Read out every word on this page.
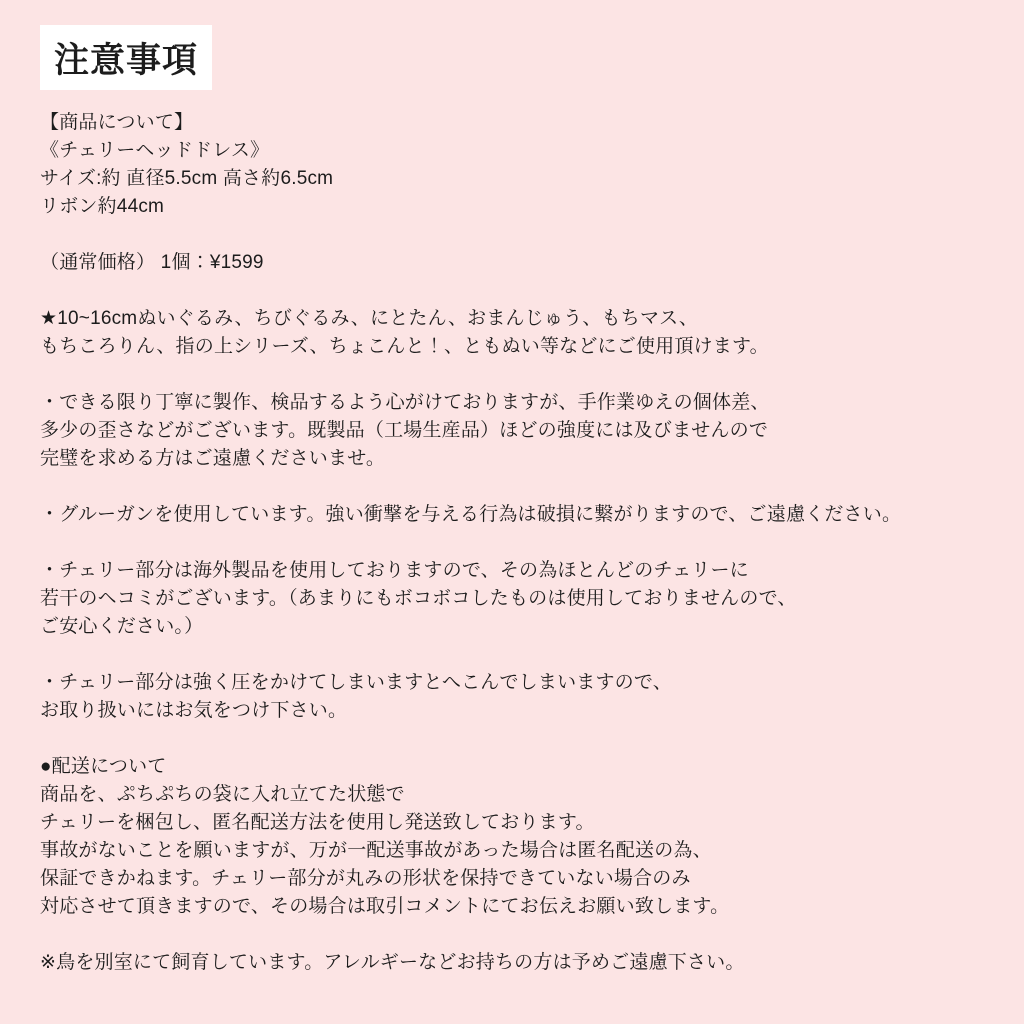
注意事項
【商品について】
《チェリーヘッドドレス》
サイズ:約 直径5.5cm 高さ約6.5cm
リボン約44cm
（通常価格） 1個：¥1599
★10~16cmぬいぐるみ、ちびぐるみ、にとたん、おまんじゅう、もちマス、
もちころりん、指の上シリーズ、ちょこんと！、ともぬい等などにご使用頂けます。
・できる限り丁寧に製作、検品するよう心がけておりますが、手作業ゆえの個体差、
多少の歪さなどがございます。既製品（工場生産品）ほどの強度には及びませんので
完璧を求める方はご遠慮くださいませ。
・グルーガンを使用しています。強い衝撃を与える行為は破損に繋がりますので、ご遠慮ください。
・チェリー部分は海外製品を使用しておりますので、その為ほとんどのチェリーに
若干のヘコミがございます。（あまりにもボコボコしたものは使用しておりませんので、
ご安心ください。）
・チェリー部分は強く圧をかけてしまいますとへこんでしまいますので、
お取り扱いにはお気をつけ下さい。
●配送について
商品を、ぷちぷちの袋に入れ立てた状態で
チェリーを梱包し、匿名配送方法を使用し発送致しております。
事故がないことを願いますが、万が一配送事故があった場合は匿名配送の為、
保証できかねます。チェリー部分が丸みの形状を保持できていない場合のみ
対応させて頂きますので、その場合は取引コメントにてお伝えお願い致します。
※鳥を別室にて飼育しています。アレルギーなどお持ちの方は予めご遠慮下さい。
